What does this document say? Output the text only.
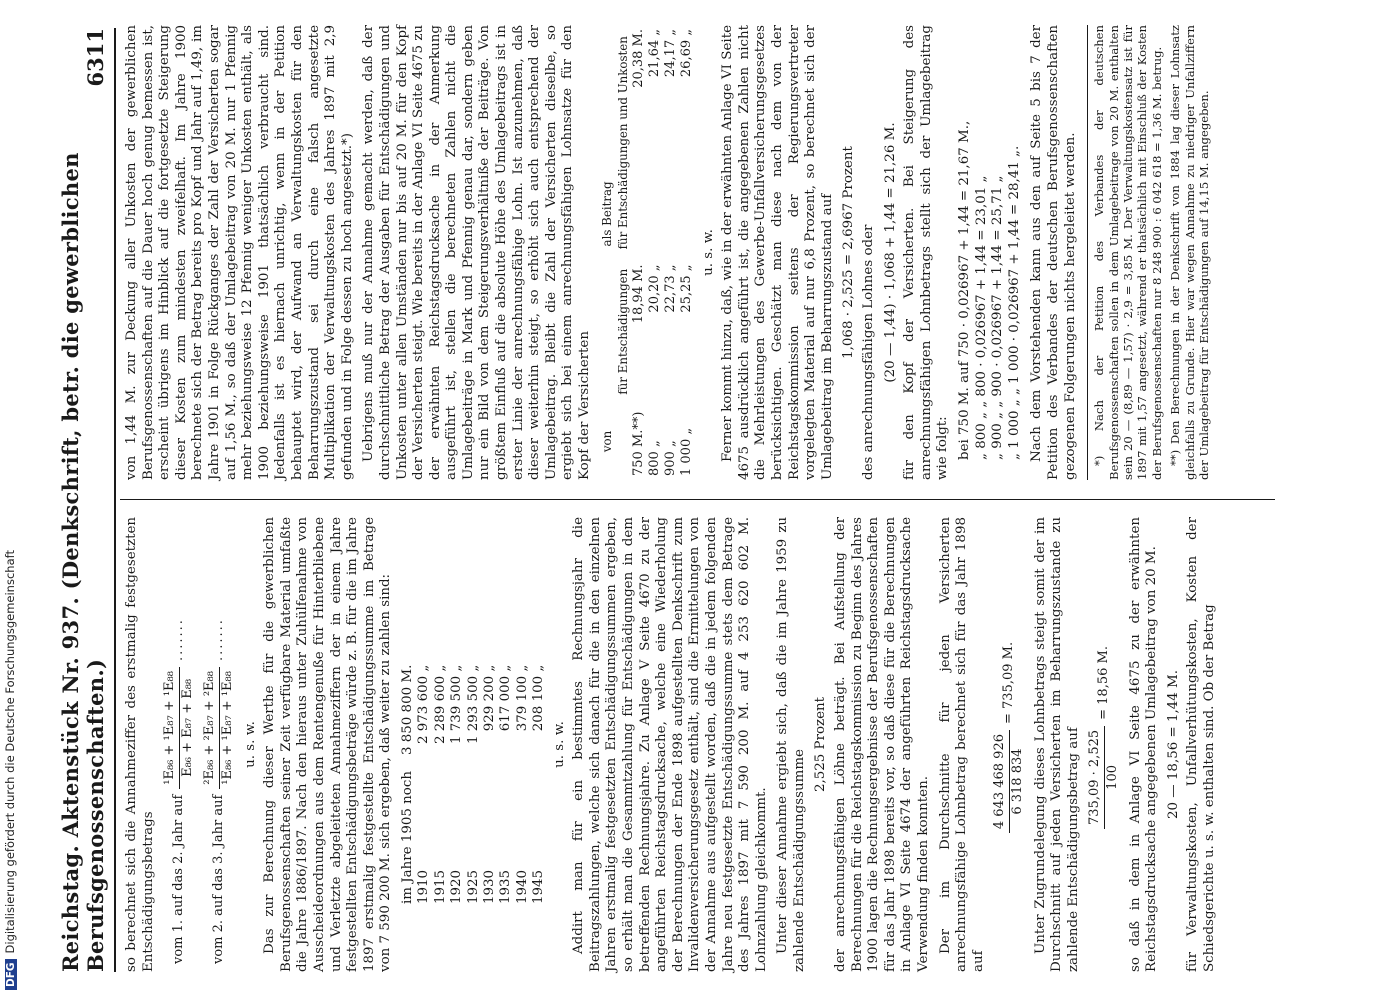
DFGDigitalisierung gefördert durch die Deutsche Forschungsgemeinschaft Reichstag. Aktenstück Nr. 937. (Denkschrift, betr. die gewerblichen Berufsgenossenschaften.)
6311

so berechnet sich die Annahmeziffer des erstmalig festgesetzten Entschädigungsbetrags vom 1. auf das 2. Jahr auf
¹E₈₆ + ¹E₈₇ + ¹E₈₈ E₈₆ + E₈₇ + E₈₈
.......
vom 2. auf das 3. Jahr auf
²E₈₆ + ²E₈₇ + ²E₈₈ ¹E₈₆ + ¹E₈₇ + ¹E₈₈
.......
u. s. w. Das zur Berechnung dieser Werthe für die gewerblichen Berufsgenossenschaften seiner Zeit verfügbare Material umfaßte die Jahre 1886/1897. Nach den hieraus unter Zuhülfenahme von Ausscheideordnungen aus dem Rentengenuße für Hinterbliebene und Verletzte abgeleiteten Annahmeziffern der in einem Jahre festgestellten Entschädigungsbeträge würde z. B. für die im Jahre 1897 erstmalig festgestellte Entschädigungssumme im Betrage von 7 590 200 M. sich ergeben, daß weiter zu zahlen sind: im Jahre 1905 noch	3 850 800 M.
1910	2 973 600 „
1915	2 289 600 „
1920	1 739 500 „
1925	1 293 500 „
1930	929 200 „
1935	617 000 „
1940	379 100 „
1945	208 100 „
u. s. w. Addirt man für ein bestimmtes Rechnungsjahr die Beitragszahlungen, welche sich danach für die in den einzelnen Jahren erstmalig festgesetzten Entschädigungssummen ergeben, so erhält man die Gesammtzahlung für Entschädigungen in dem betreffenden Rechnungsjahre. Zu Anlage V Seite 4670 zu der angeführten Reichstagsdrucksache, welche eine Wiederholung der Berechnungen der Ende 1898 aufgestellten Denkschrift zum Invalidenversicherungsgesetz enthält, sind die Ermittelungen von der Annahme aus aufgestellt worden, daß die in jedem folgenden Jahre neu festgesetzte Entschädigungssumme stets dem Betrage des Jahres 1897 mit 7 590 200 M. auf 4 253 620 602 M. Lohnzahlung gleichkommt. Unter dieser Annahme ergiebt sich, daß die im Jahre 1959 zu zahlende Entschädigungssumme

2,525 Prozent der anrechnungsfähigen Löhne beträgt. Bei Aufstellung der Berechnungen für die Reichstagskommission zu Beginn des Jahres 1900 lagen die Rechnungsergebnisse der Berufsgenossenschaften für das Jahr 1898 bereits vor, so daß diese für die Berechnungen in Anlage VI Seite 4674 der angeführten Reichstagsdrucksache Verwendung finden konnten. Der im Durchschnitte für jeden Versicherten anrechnungsfähige Lohnbetrag berechnet sich für das Jahr 1898 auf

4 643 468 926 6 318 834
= 735,09 M. Unter Zugrundelegung dieses Lohnbetrags steigt somit der im Durchschnitt auf jeden Versicherten im Beharrungszustande zu zahlende Entschädigungsbetrag auf 735,09 · 2,525 100
= 18,56 M. so daß in dem in Anlage VI Seite 4675 zu der erwähnten Reichstagsdrucksache angegebenen Umlagebeitrag von 20 M. 20 — 18,56 = 1,44 M. für Verwaltungskosten, Unfallverhütungskosten, Kosten der Schiedsgerichte u. s. w. enthalten sind. Ob der Betrag

von 1,44 M. zur Deckung aller Unkosten der gewerblichen Berufsgenossenschaften auf die Dauer hoch genug bemessen ist, erscheint übrigens im Hinblick auf die fortgesetzte Steigerung dieser Kosten zum mindesten zweifelhaft. Im Jahre 1900 berechnete sich der Betrag bereits pro Kopf und Jahr auf 1,49, im Jahre 1901 in Folge Rückganges der Zahl der Versicherten sogar auf 1,56 M., so daß der Umlagebeitrag von 20 M. nur 1 Pfennig mehr beziehungsweise 12 Pfennig weniger Unkosten enthält, als 1900 beziehungsweise 1901 thatsächlich verbraucht sind. Jedenfalls ist es hiernach unrichtig, wenn in der Petition behauptet wird, der Aufwand an Verwaltungskosten für den Beharrungszustand sei durch eine falsch angesetzte Multiplikation der Verwaltungskosten des Jahres 1897 mit 2,9 gefunden und in Folge dessen zu hoch angesetzt.*) Uebrigens muß nur der Annahme gemacht werden, daß der durchschnittliche Betrag der Ausgaben für Entschädigungen und Unkosten unter allen Umständen nur bis auf 20 M. für den Kopf der Versicherten steigt. Wie bereits in der Anlage VI Seite 4675 zu der erwähnten Reichstagsdrucksache in der Anmerkung ausgeführt ist, stellen die berechneten Zahlen nicht die Umlagebeiträge in Mark und Pfennig genau dar, sondern geben nur ein Bild von dem Steigerungsverhältniße der Beiträge. Von größtem Einfluß auf die absolute Höhe des Umlagebeitrags ist in erster Linie der anrechnungsfähige Lohn. Ist anzunehmen, daß dieser weiterhin steigt, so erhöht sich auch entsprechend der Umlagebeitrag. Bleibt die Zahl der Versicherten dieselbe, so ergiebt sich bei einem anrechnungsfähigen Lohnsatze für den Kopf der Versicherten von	als Beitrag	
	für Entschädigungen	für Entschädigungen und Unkosten
750 M.**)	18,94 M.	20,38 M.
800 „	20,20 „	21,64 „
900 „	22,73 „	24,17 „
1 000 „	25,25 „	26,69 „
u. s. w. Ferner kommt hinzu, daß, wie in der erwähnten Anlage VI Seite 4675 ausdrücklich angeführt ist, die angegebenen Zahlen nicht die Mehrleistungen des Gewerbe-Unfallversicherungsgesetzes berücksichtigen. Geschätzt man diese nach dem von der Reichstagskommission seitens der Regierungsvertreter vorgelegten Material auf nur 6,8 Prozent, so berechnet sich der Umlagebeitrag im Beharrungszustand auf 1,068 · 2,525 = 2,6967 Prozent des anrechnungsfähigen Lohnes oder (20 — 1,44) · 1,068 + 1,44 = 21,26 M. für den Kopf der Versicherten. Bei Steigerung des anrechnungsfähigen Lohnbetrags stellt sich der Umlagebeitrag wie folgt: bei 750 M. auf 750 · 0,026967 + 1,44 = 21,67 M., „ 800 „ „ 800 · 0,026967 + 1,44 = 23,01 „ „ 900 „ „ 900 · 0,026967 + 1,44 = 25,71 „ „ 1 000 „ „ 1 000 · 0,026967 + 1,44 = 28,41 „. Nach dem Vorstehenden kann aus den auf Seite 5 bis 7 der Petition des Verbandes der deutschen Berufsgenossenschaften gezogenen Folgerungen nichts hergeleitet werden. *) Nach der Petition des Verbandes der deutschen Berufsgenossenschaften sollen in dem Umlagebeitrage von 20 M. enthalten sein 20 — (8,89 — 1,57) · 2,9 = 3,85 M. Der Verwaltungskostensatz ist für 1897 mit 1,57 angesetzt, während er thatsächlich mit Einschluß der Kosten der Berufsgenossenschaften nur 8 248 900 : 6 042 618 = 1,36 M. betrug. **) Den Berechnungen in der Denkschrift von 1884 lag dieser Lohnsatz gleichfalls zu Grunde. Hier war wegen Annahme zu niedriger Unfallziffern der Umlagebeitrag für Entschädigungen auf 14,15 M. angegeben.
